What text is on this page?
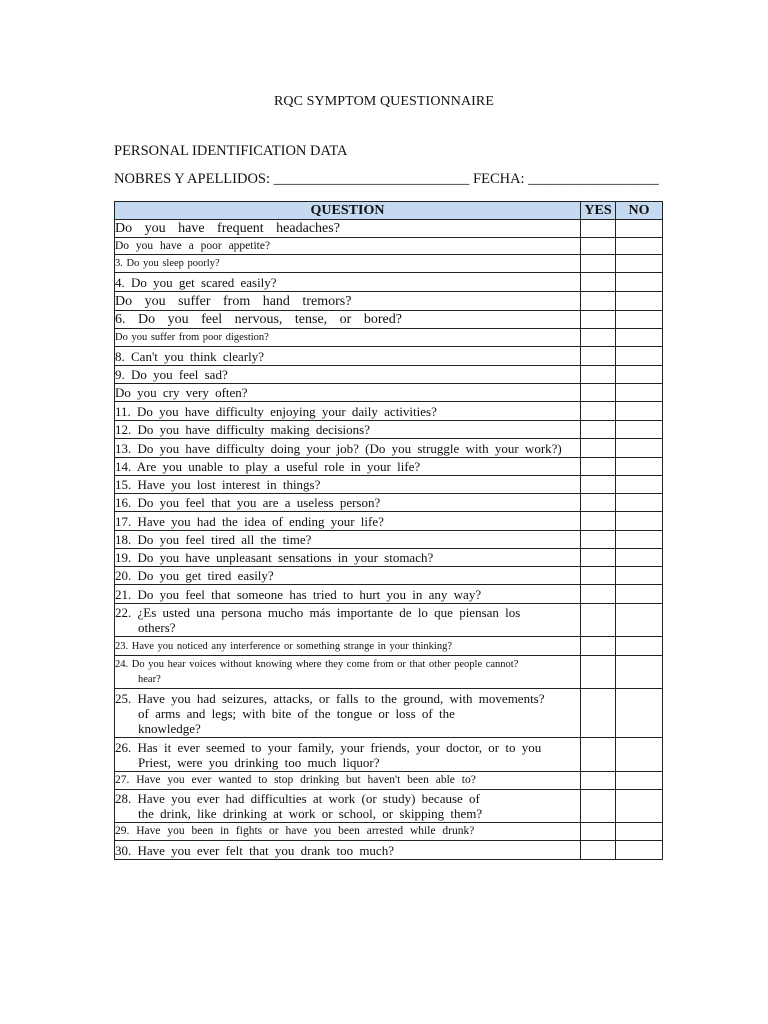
RQC SYMPTOM QUESTIONNAIRE
PERSONAL IDENTIFICATION DATA
NOBRES Y APELLIDOS: ___________________________ FECHA: __________________
QUESTION	YES	NO

Do you have frequent headaches?		

Do you have a poor appetite?		

3. Do you sleep poorly?		

4. Do you get scared easily?		

Do you suffer from hand tremors?		

6. Do you feel nervous, tense, or bored?		

Do you suffer from poor digestion?		

8. Can't you think clearly?		

9. Do you feel sad?		

Do you cry very often?		

11. Do you have difficulty enjoying your daily activities?		

12. Do you have difficulty making decisions?		

13. Do you have difficulty doing your job? (Do you struggle with your work?)		

14. Are you unable to play a useful role in your life?		

15. Have you lost interest in things?		

16. Do you feel that you are a useless person?		

17. Have you had the idea of ending your life?		

18. Do you feel tired all the time?		

19. Do you have unpleasant sensations in your stomach?		

20. Do you get tired easily?		

21. Do you feel that someone has tried to hurt you in any way?		

22. ¿Es usted una persona mucho más importante de lo que piensan los
others?		

23. Have you noticed any interference or something strange in your thinking?		

24. Do you hear voices without knowing where they come from or that other people cannot?
hear?		

25. Have you had seizures, attacks, or falls to the ground, with movements?
of arms and legs; with bite of the tongue or loss of the
knowledge?		

26. Has it ever seemed to your family, your friends, your doctor, or to you
Priest, were you drinking too much liquor?		

27. Have you ever wanted to stop drinking but haven't been able to?		

28. Have you ever had difficulties at work (or study) because of
the drink, like drinking at work or school, or skipping them?		

29. Have you been in fights or have you been arrested while drunk?		

30. Have you ever felt that you drank too much?		
